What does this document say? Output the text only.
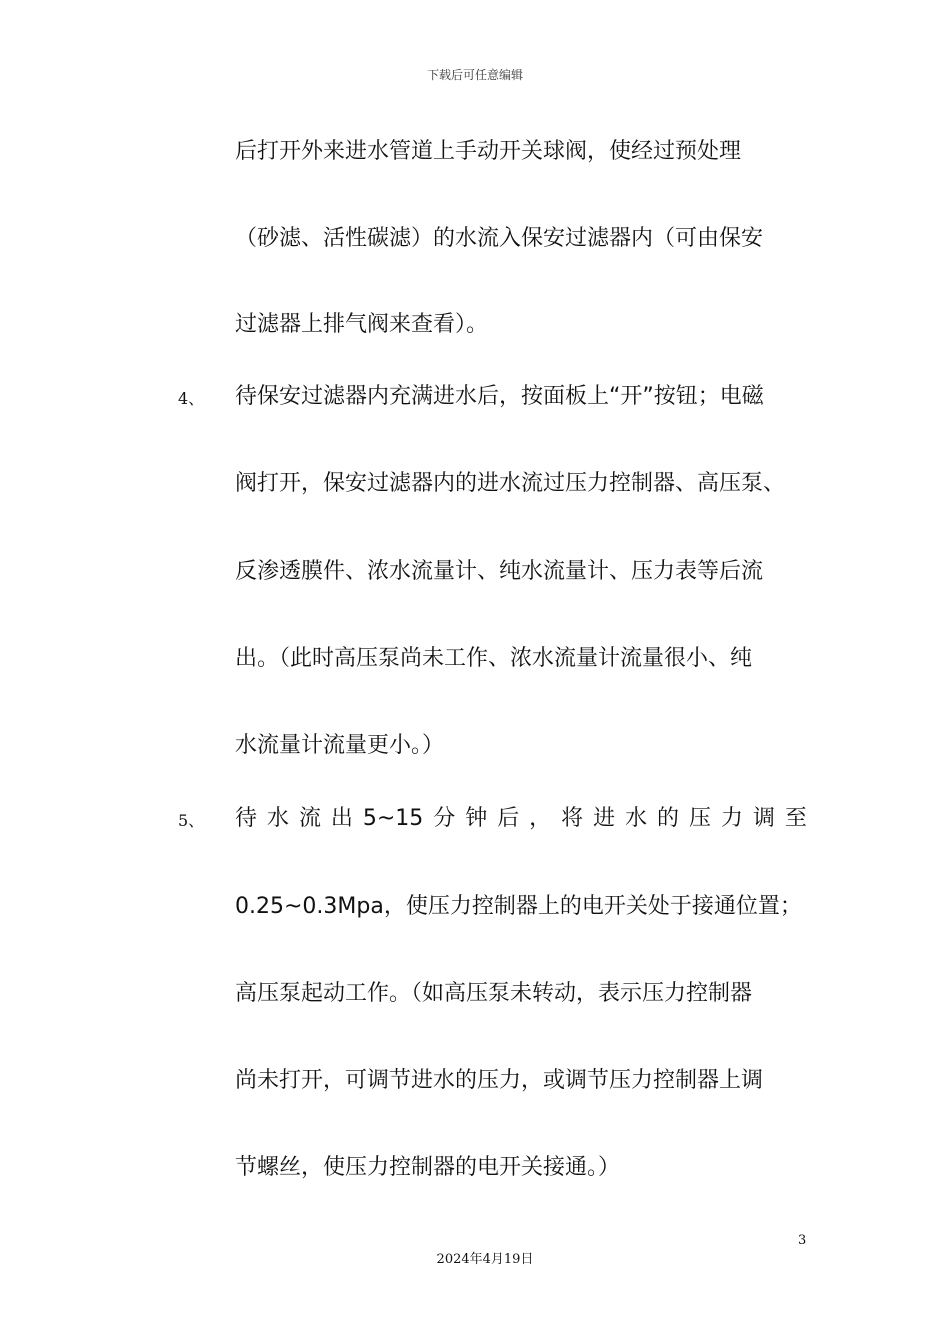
下载后可任意编辑
后打开外来进水管道上手动开关球阀，使经过预处理
（砂滤、活性碳滤）的水流入保安过滤器内（可由保安
过滤器上排气阀来查看）。
4、 待保安过滤器内充满进水后，按面板上“开”按钮；电磁
阀打开，保安过滤器内的进水流过压力控制器、高压泵、
反渗透膜件、浓水流量计、纯水流量计、压力表等后流
出。（此时高压泵尚未工作、浓水流量计流量很小、纯
水流量计流量更小。）
5、 待 水 流 出 5~15 分 钟 后 ， 将 进 水 的 压 力 调 至
0.25~0.3Mpa，使压力控制器上的电开关处于接通位置；
高压泵起动工作。（如高压泵未转动，表示压力控制器
尚未打开，可调节进水的压力，或调节压力控制器上调
节螺丝，使压力控制器的电开关接通。）
3
2024年4月19日
